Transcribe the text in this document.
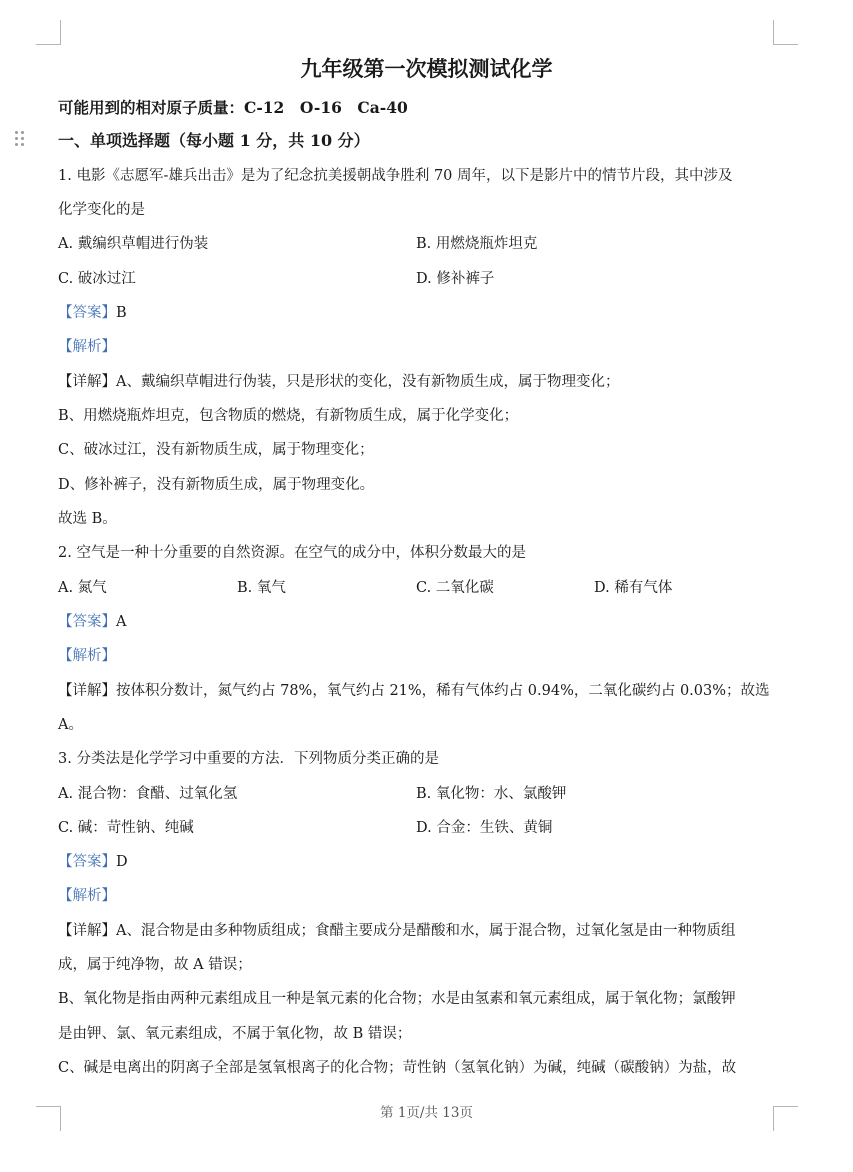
九年级第一次模拟测试化学
可能用到的相对原子质量：C-12　O-16　Ca-40
一、单项选择题（每小题 1 分，共 10 分）
1. 电影《志愿军-雄兵出击》是为了纪念抗美援朝战争胜利 70 周年，以下是影片中的情节片段，其中涉及
化学变化的是
A. 戴编织草帽进行伪装	B. 用燃烧瓶炸坦克
C. 破冰过江	D. 修补裤子
【答案】B
【解析】
【详解】A、戴编织草帽进行伪装，只是形状的变化，没有新物质生成，属于物理变化；
B、用燃烧瓶炸坦克，包含物质的燃烧，有新物质生成，属于化学变化；
C、破冰过江，没有新物质生成，属于物理变化；
D、修补裤子，没有新物质生成，属于物理变化。
故选 B。
2. 空气是一种十分重要的自然资源。在空气的成分中，体积分数最大的是
A. 氮气	B. 氧气	C. 二氧化碳	D. 稀有气体
【答案】A
【解析】
【详解】按体积分数计，氮气约占 78%，氧气约占 21%，稀有气体约占 0.94%，二氧化碳约占 0.03%；故选
A。
3. 分类法是化学学习中重要的方法．下列物质分类正确的是
A. 混合物：食醋、过氧化氢	B. 氧化物：水、氯酸钾
C. 碱：苛性钠、纯碱	D. 合金：生铁、黄铜
【答案】D
【解析】
【详解】A、混合物是由多种物质组成；食醋主要成分是醋酸和水，属于混合物，过氧化氢是由一种物质组
成，属于纯净物，故 A 错误；
B、氧化物是指由两种元素组成且一种是氧元素的化合物；水是由氢素和氧元素组成，属于氧化物；氯酸钾
是由钾、氯、氧元素组成，不属于氧化物，故 B 错误；
C、碱是电离出的阴离子全部是氢氧根离子的化合物；苛性钠（氢氧化钠）为碱，纯碱（碳酸钠）为盐，故
第 1页/共 13页
